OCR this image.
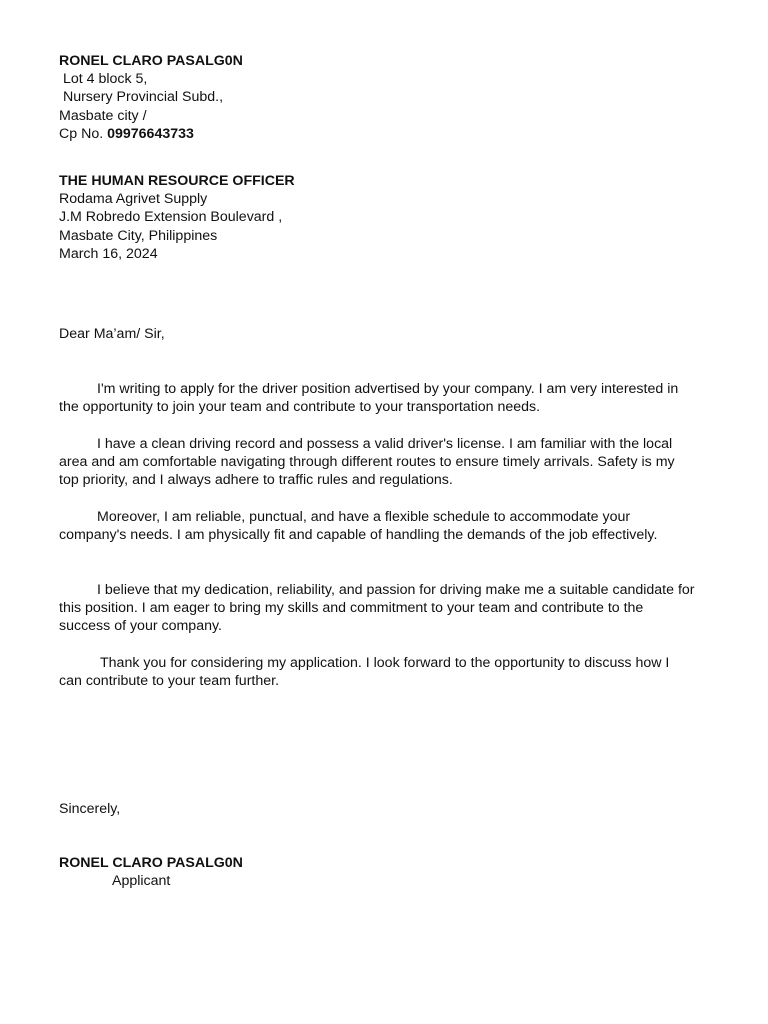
RONEL CLARO PASALG0N
Lot 4 block 5,
Nursery Provincial Subd.,
Masbate city /
Cp No. 09976643733
THE HUMAN RESOURCE OFFICER
Rodama Agrivet Supply
J.M Robredo Extension Boulevard ,
Masbate City, Philippines
March 16, 2024
Dear Ma’am/ Sir,

I'm writing to apply for the driver position advertised by your company. I am very interested in the opportunity to join your team and contribute to your transportation needs.

I have a clean driving record and possess a valid driver's license. I am familiar with the local area and am comfortable navigating through different routes to ensure timely arrivals. Safety is my top priority, and I always adhere to traffic rules and regulations.

Moreover, I am reliable, punctual, and have a flexible schedule to accommodate your company's needs. I am physically fit and capable of handling the demands of the job effectively.

I believe that my dedication, reliability, and passion for driving make me a suitable candidate for this position. I am eager to bring my skills and commitment to your team and contribute to the success of your company.

Thank you for considering my application. I look forward to the opportunity to discuss how I can contribute to your team further.

Sincerely,
RONEL CLARO PASALG0N
Applicant
